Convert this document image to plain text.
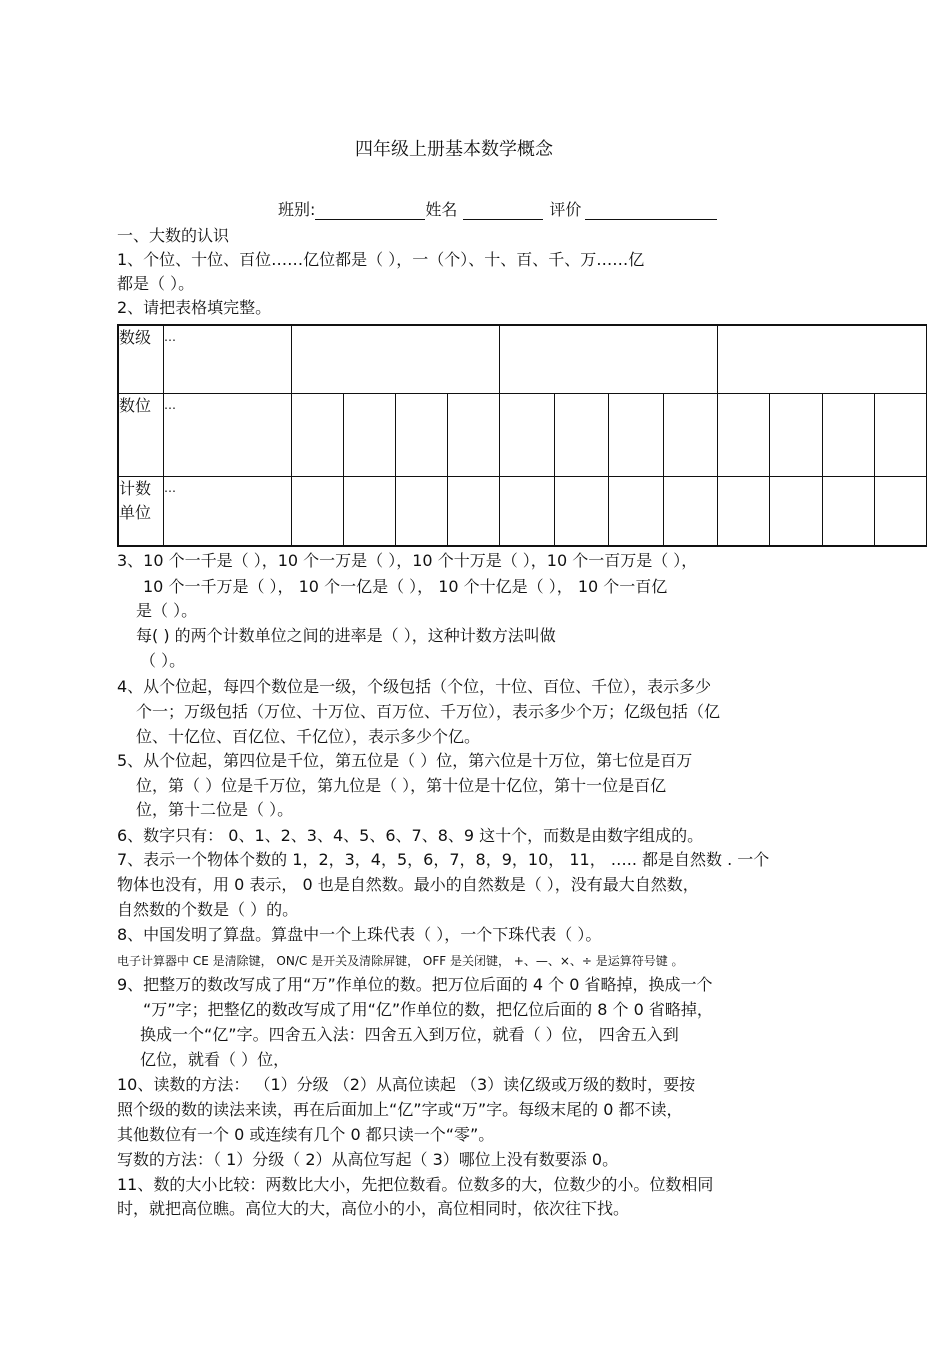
四年级上册基本数学概念
班别:	姓名	评价
一、大数的认识
1、个位、十位、百位……亿位都是（ ），一（个）、十、百、千、万……亿
都是（ ）。
2、请把表格填完整。
数级	…												
数位	…												
计数单位	…												
3、10 个一千是（ ），10 个一万是（ ），10 个十万是（ ），10 个一百万是（ ），
10 个一千万是（ ）， 10 个一亿是（ ）， 10 个十亿是（ ）， 10 个一百亿
是（ ）。
每( ) 的两个计数单位之间的进率是（ ），这种计数方法叫做
（ ）。
4、从个位起，每四个数位是一级，个级包括（个位，十位、百位、千位），表示多少
个一；万级包括（万位、十万位、百万位、千万位），表示多少个万；亿级包括（亿
位、十亿位、百亿位、千亿位），表示多少个亿。
5、从个位起，第四位是千位，第五位是（ ）位，第六位是十万位，第七位是百万
位，第（ ）位是千万位，第九位是（ ），第十位是十亿位，第十一位是百亿
位，第十二位是（ ）。
6、数字只有： 0、1、2、3、4、5、6、7、8、9 这十个，而数是由数字组成的。
7、表示一个物体个数的 1，2，3，4，5，6，7，8，9，10， 11， ….. 都是自然数 . 一个
物体也没有，用 0 表示， 0 也是自然数。最小的自然数是（ ），没有最大自然数，
自然数的个数是（ ）的。
8、中国发明了算盘。算盘中一个上珠代表（ ），一个下珠代表（ ）。
电子计算器中 CE 是清除键， ON/C 是开关及清除屏键， OFF 是关闭键， +、—、×、÷ 是运算符号键 。
9、把整万的数改写成了用“万”作单位的数。把万位后面的 4 个 0 省略掉，换成一个
“万”字；把整亿的数改写成了用“亿”作单位的数，把亿位后面的 8 个 0 省略掉，
换成一个“亿”字。四舍五入法：四舍五入到万位，就看（ ）位， 四舍五入到
亿位，就看（ ）位，
10、读数的方法： （1）分级 （2）从高位读起 （3）读亿级或万级的数时，要按
照个级的数的读法来读，再在后面加上“亿”字或“万”字。每级末尾的 0 都不读，
其他数位有一个 0 或连续有几个 0 都只读一个“零”。
写数的方法：（ 1）分级（ 2）从高位写起（ 3）哪位上没有数要添 0。
11、数的大小比较：两数比大小，先把位数看。位数多的大，位数少的小。位数相同
时，就把高位瞧。高位大的大，高位小的小，高位相同时，依次往下找。
